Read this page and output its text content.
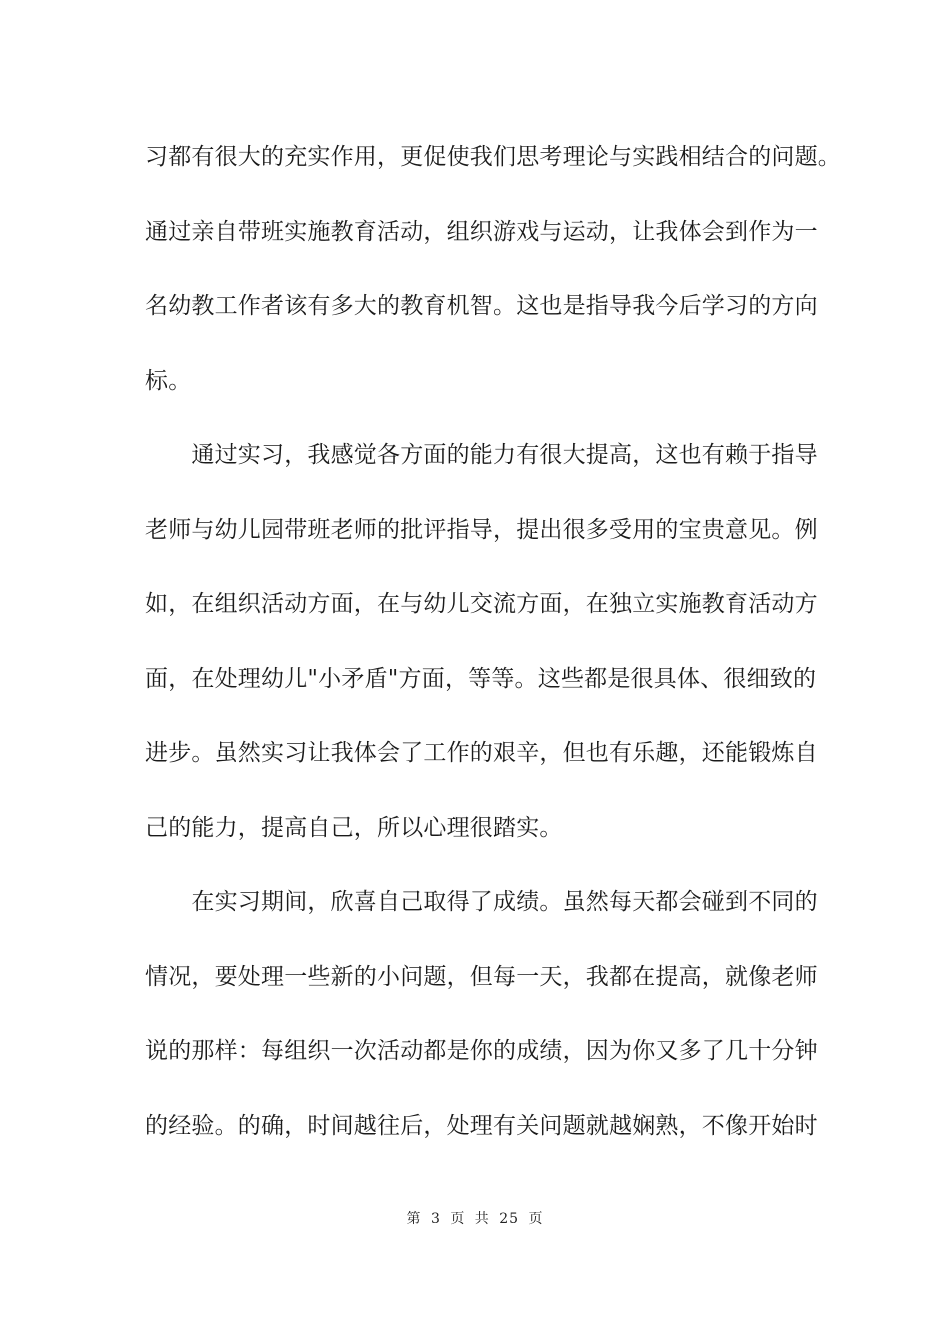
习都有很大的充实作用，更促使我们思考理论与实践相结合的问题。
通过亲自带班实施教育活动，组织游戏与运动，让我体会到作为一
名幼教工作者该有多大的教育机智。这也是指导我今后学习的方向
标。
　　通过实习，我感觉各方面的能力有很大提高，这也有赖于指导
老师与幼儿园带班老师的批评指导，提出很多受用的宝贵意见。例
如，在组织活动方面，在与幼儿交流方面，在独立实施教育活动方
面，在处理幼儿"小矛盾"方面，等等。这些都是很具体、很细致的
进步。虽然实习让我体会了工作的艰辛，但也有乐趣，还能锻炼自
己的能力，提高自己，所以心理很踏实。
　　在实习期间，欣喜自己取得了成绩。虽然每天都会碰到不同的
情况，要处理一些新的小问题，但每一天，我都在提高，就像老师
说的那样：每组织一次活动都是你的成绩，因为你又多了几十分钟
的经验。的确，时间越往后，处理有关问题就越娴熟，不像开始时
第 3 页 共 25 页
